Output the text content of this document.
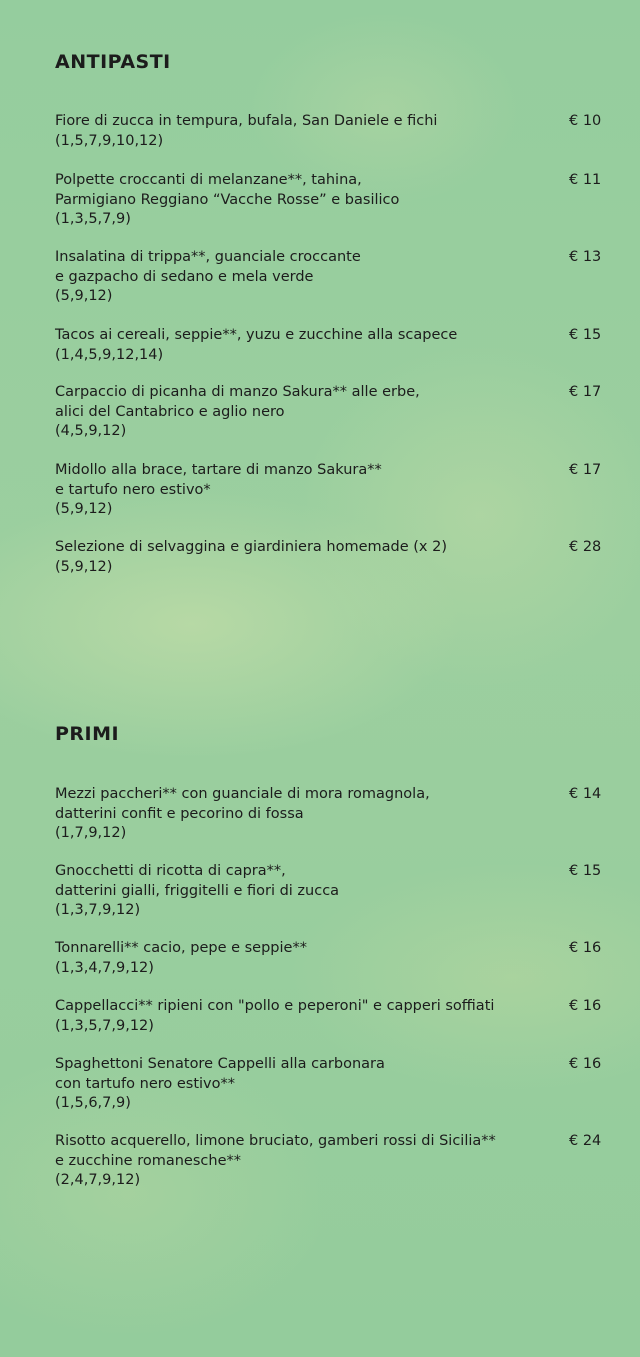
ANTIPASTI
Fiore di zucca in tempura, bufala, San Daniele e fichi
(1,5,7,9,10,12)
€ 10
Polpette croccanti di melanzane**, tahina,
Parmigiano Reggiano “Vacche Rosse” e basilico
(1,3,5,7,9)
€ 11
Insalatina di trippa**, guanciale croccante
e gazpacho di sedano e mela verde
(5,9,12)
€ 13
Tacos ai cereali, seppie**, yuzu e zucchine alla scapece
(1,4,5,9,12,14)
€ 15
Carpaccio di picanha di manzo Sakura** alle erbe,
alici del Cantabrico e aglio nero
(4,5,9,12)
€ 17
Midollo alla brace, tartare di manzo Sakura**
e tartufo nero estivo*
(5,9,12)
€ 17
Selezione di selvaggina e giardiniera homemade (x 2)
(5,9,12)
€ 28
PRIMI
Mezzi paccheri** con guanciale di mora romagnola,
datterini confit e pecorino di fossa
(1,7,9,12)
€ 14
Gnocchetti di ricotta di capra**,
datterini gialli, friggitelli e fiori di zucca
(1,3,7,9,12)
€ 15
Tonnarelli** cacio, pepe e seppie**
(1,3,4,7,9,12)
€ 16
Cappellacci** ripieni con "pollo e peperoni" e capperi soffiati
(1,3,5,7,9,12)
€ 16
Spaghettoni Senatore Cappelli alla carbonara
con tartufo nero estivo**
(1,5,6,7,9)
€ 16
Risotto acquerello, limone bruciato, gamberi rossi di Sicilia**
e zucchine romanesche**
(2,4,7,9,12)
€ 24
